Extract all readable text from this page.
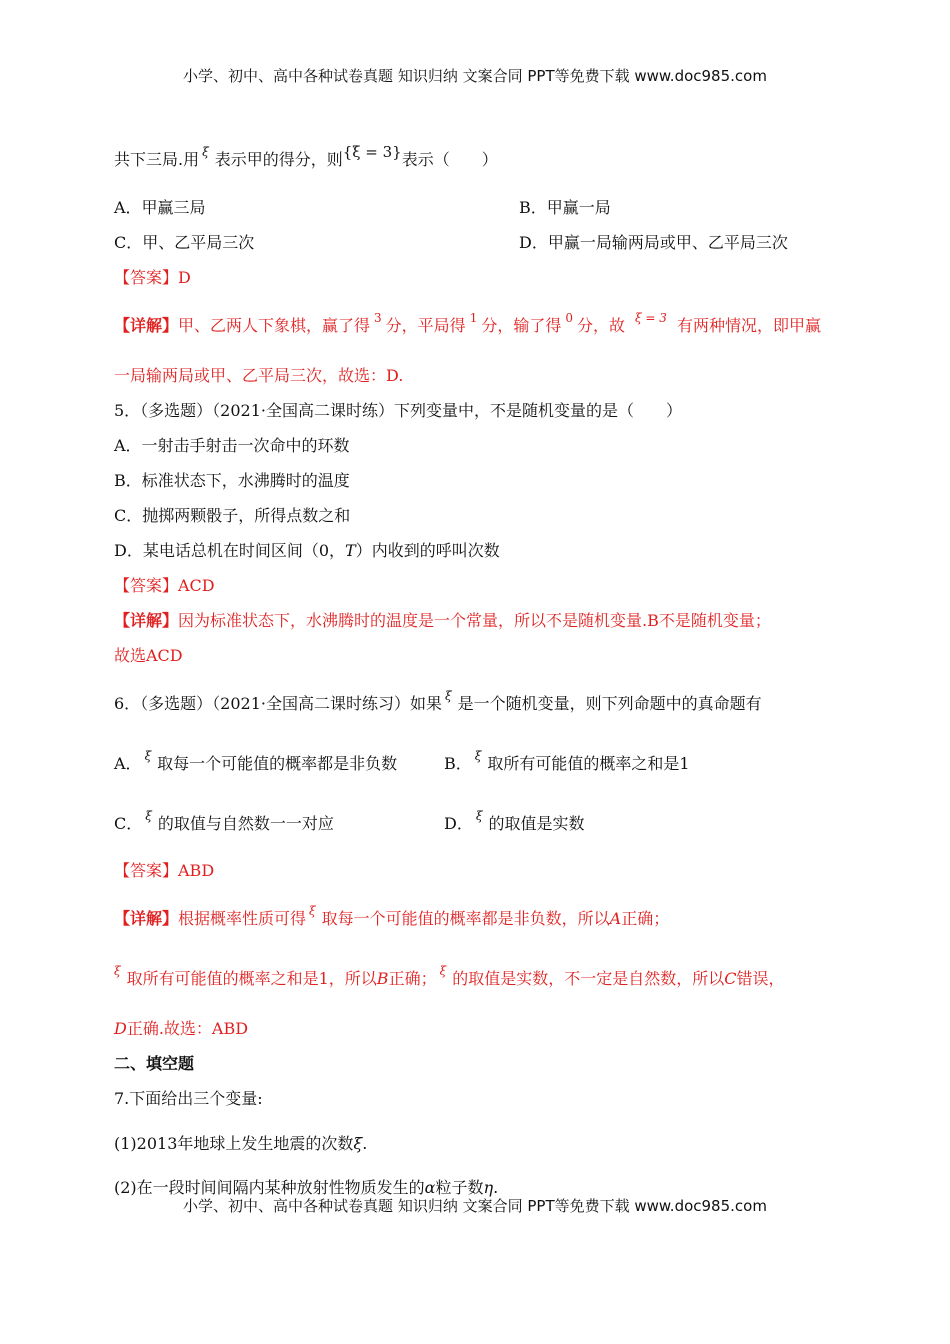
小学、初中、高中各种试卷真题 知识归纳 文案合同 PPT等免费下载 www.doc985.com
共下三局.用 $^\xi$ 表示甲的得分，则{ξ = 3}表示（　　）
A．甲赢三局	B．甲赢一局
C．甲、乙平局三次	D．甲赢一局输两局或甲、乙平局三次
【答案】D
【详解】甲、乙两人下象棋，赢了得 $^3$ 分，平局得 $^1$ 分，输了得 $^0$ 分，故 $^{\xi = 3}$ 有两种情况，即甲赢
一局输两局或甲、乙平局三次，故选：D.
5．（多选题）（2021·全国高二课时练）下列变量中，不是随机变量的是（　　）
A．一射击手射击一次命中的环数
B．标准状态下，水沸腾时的温度
C．抛掷两颗骰子，所得点数之和
D．某电话总机在时间区间（0，T）内收到的呼叫次数
【答案】ACD
【详解】因为标准状态下，水沸腾时的温度是一个常量，所以不是随机变量.B不是随机变量；
故选ACD
6．（多选题）（2021·全国高二课时练习）如果 $^\xi$ 是一个随机变量，则下列命题中的真命题有
A． $^\xi$ 取每一个可能值的概率都是非负数	B． $^\xi$ 取所有可能值的概率之和是1
C． $^\xi$ 的取值与自然数一一对应	D． $^\xi$ 的取值是实数
【答案】ABD
【详解】根据概率性质可得 $^\xi$ 取每一个可能值的概率都是非负数，所以A正确；
$^\xi$ 取所有可能值的概率之和是1，所以B正确； $^\xi$ 的取值是实数，不一定是自然数，所以C错误，
D正确.故选：ABD
二、填空题
7.下面给出三个变量:
(1)2013年地球上发生地震的次数ξ.
(2)在一段时间间隔内某种放射性物质发生的α粒子数η.
小学、初中、高中各种试卷真题 知识归纳 文案合同 PPT等免费下载 www.doc985.com
